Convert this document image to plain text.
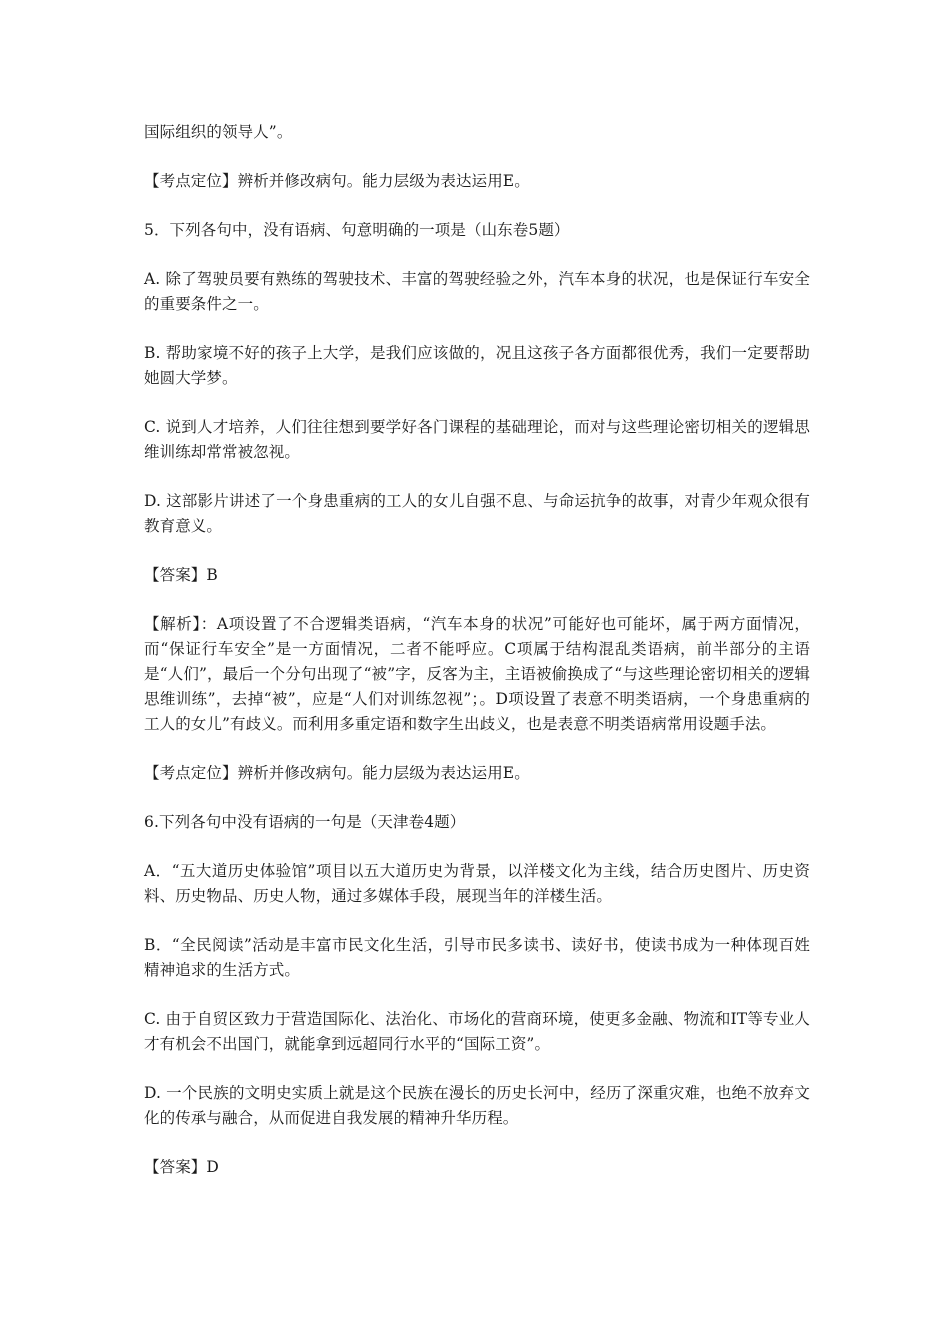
国际组织的领导人”。

【考点定位】辨析并修改病句。能力层级为表达运用E。

5．下列各句中，没有语病、句意明确的一项是（山东卷5题）

A. 除了驾驶员要有熟练的驾驶技术、丰富的驾驶经验之外，汽车本身的状况，也是保证行车安全的重要条件之一。

B. 帮助家境不好的孩子上大学，是我们应该做的，况且这孩子各方面都很优秀，我们一定要帮助她圆大学梦。

C. 说到人才培养，人们往往想到要学好各门课程的基础理论，而对与这些理论密切相关的逻辑思维训练却常常被忽视。

D. 这部影片讲述了一个身患重病的工人的女儿自强不息、与命运抗争的故事，对青少年观众很有教育意义。

【答案】B

【解析】：A项设置了不合逻辑类语病，“汽车本身的状况”可能好也可能坏，属于两方面情况，而“保证行车安全”是一方面情况，二者不能呼应。C项属于结构混乱类语病，前半部分的主语是“人们”，最后一个分句出现了“被”字，反客为主，主语被偷换成了“与这些理论密切相关的逻辑思维训练”，去掉“被”，应是“人们对训练忽视”；。D项设置了表意不明类语病，一个身患重病的工人的女儿”有歧义。而利用多重定语和数字生出歧义，也是表意不明类语病常用设题手法。

【考点定位】辨析并修改病句。能力层级为表达运用E。

6.下列各句中没有语病的一句是（天津卷4题）

A．“五大道历史体验馆”项目以五大道历史为背景，以洋楼文化为主线，结合历史图片、历史资料、历史物品、历史人物，通过多媒体手段，展现当年的洋楼生活。

B．“全民阅读”活动是丰富市民文化生活，引导市民多读书、读好书，使读书成为一种体现百姓精神追求的生活方式。

C. 由于自贸区致力于营造国际化、法治化、市场化的营商环境，使更多金融、物流和IT等专业人才有机会不出国门，就能拿到远超同行水平的“国际工资”。

D. 一个民族的文明史实质上就是这个民族在漫长的历史长河中，经历了深重灾难，也绝不放弃文化的传承与融合，从而促进自我发展的精神升华历程。

【答案】D
